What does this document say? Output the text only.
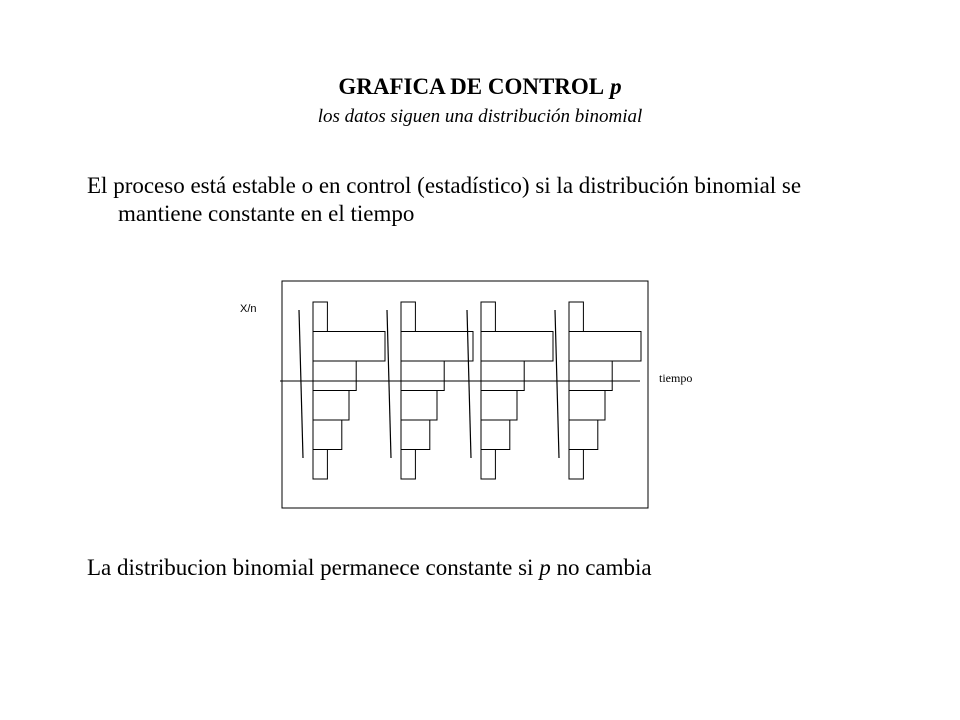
GRAFICA DE CONTROL p
los datos siguen una distribución binomial
El proceso está estable o en control (estadístico) si la distribución binomial se
mantiene constante en el tiempo
X/n
tiempo
La distribucion binomial permanece constante si p no cambia
